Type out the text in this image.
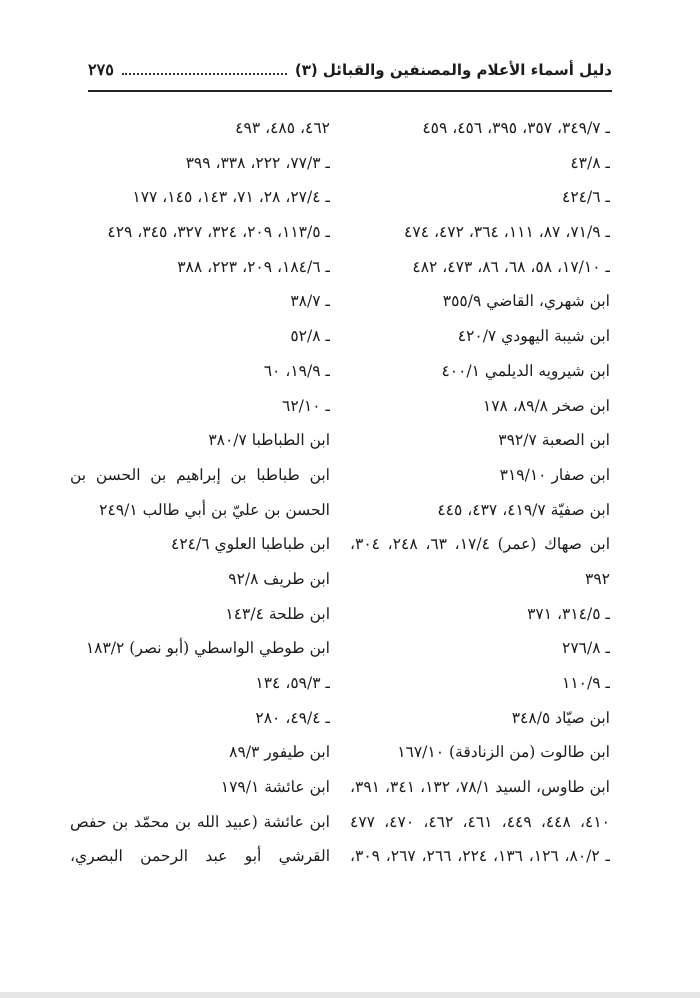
دليل أسماء الأعلام والمصنفين والقبائل (٣)
٢٧٥
ـ ٣٤٩/٧، ٣٥٧، ٣٩٥، ٤٥٦، ٤٥٩
ـ ٤٣/٨
ـ ٤٢٤/٦
ـ ٧١/٩، ٨٧، ١١١، ٣٦٤، ٤٧٢، ٤٧٤
ـ ١٧/١٠، ٥٨، ٦٨، ٨٦، ٤٧٣، ٤٨٢
ابن شهري، القاضي ٣٥٥/٩
ابن شيبة اليهودي ٤٢٠/٧
ابن شيرويه الديلمي ٤٠٠/١
ابن صخر ٨٩/٨، ١٧٨
ابن الصعبة ٣٩٢/٧
ابن صفار ٣١٩/١٠
ابن صفيّة ٤١٩/٧، ٤٣٧، ٤٤٥
ابن صهاك (عمر) ١٧/٤، ٦٣، ٢٤٨، ٣٠٤،
٣٩٢
ـ ٣١٤/٥، ٣٧١
ـ ٢٧٦/٨
ـ ١١٠/٩
ابن صيّاد ٣٤٨/٥
ابن طالوت (من الزنادقة) ١٦٧/١٠
ابن طاوس، السيد ٧٨/١، ١٣٢، ٣٤١، ٣٩١،
٤١٠، ٤٤٨، ٤٤٩، ٤٦١، ٤٦٢، ٤٧٠، ٤٧٧
ـ ٨٠/٢، ١٢٦، ١٣٦، ٢٢٤، ٢٦٦، ٢٦٧، ٣٠٩،
٤٦٢، ٤٨٥، ٤٩٣
ـ ٧٧/٣، ٢٢٢، ٣٣٨، ٣٩٩
ـ ٢٧/٤، ٢٨، ٧١، ١٤٣، ١٤٥، ١٧٧
ـ ١١٣/٥، ٢٠٩، ٣٢٤، ٣٢٧، ٣٤٥، ٤٢٩
ـ ١٨٤/٦، ٢٠٩، ٢٢٣، ٣٨٨
ـ ٣٨/٧
ـ ٥٢/٨
ـ ١٩/٩، ٦٠
ـ ٦٢/١٠
ابن الطباطبا ٣٨٠/٧
ابن طباطبا بن إبراهيم بن الحسن بن
الحسن بن عليّ بن أبي طالب ٢٤٩/١
ابن طباطبا العلوي ٤٢٤/٦
ابن طريف ٩٢/٨
ابن طلحة ١٤٣/٤
ابن طوطي الواسطي (أبو نصر) ١٨٣/٢
ـ ٥٩/٣، ١٣٤
ـ ٤٩/٤، ٢٨٠
ابن طيفور ٨٩/٣
ابن عائشة ١٧٩/١
ابن عائشة (عبيد الله بن محمّد بن حفص
القرشي أبو عبد الرحمن البصري،
